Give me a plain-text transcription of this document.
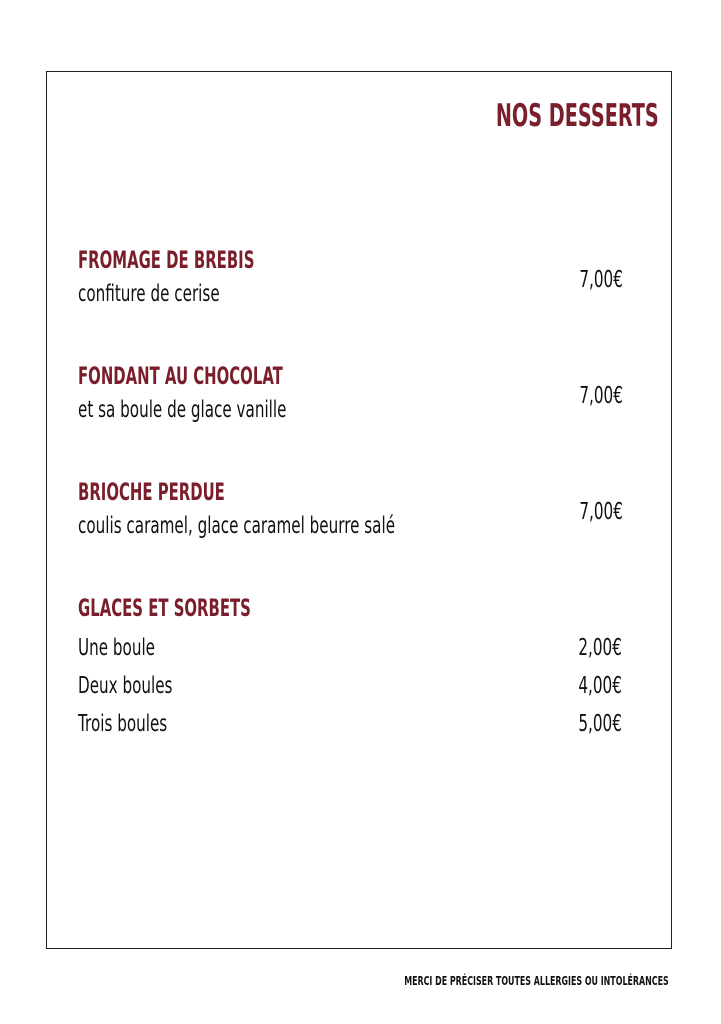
NOS DESSERTS
FROMAGE DE BREBIS
confiture de cerise
7,00€
FONDANT AU CHOCOLAT
et sa boule de glace vanille
7,00€
BRIOCHE PERDUE
coulis caramel, glace caramel beurre salé
7,00€
GLACES ET SORBETS
Une boule	2,00€
Deux boules	4,00€
Trois boules	5,00€
MERCI DE PRÉCISER TOUTES ALLERGIES OU INTOLÉRANCES
